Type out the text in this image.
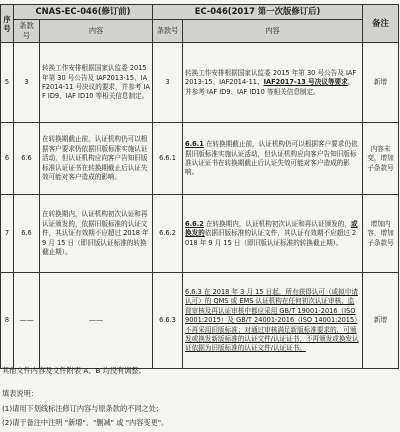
序号	CNAS-EC-046(修订前)		EC-046(2017 第一次版修订后)		备注
	条款号	内容	条款号	内容	
5	3	转换工作安排根据国家认监委 2015 年第 30 号公告及 IAF2013-15、IAF2014-11 号决议的要求，并参考 IAF ID9、IAF ID10 等相关信息制定。	3	转换工作安排根据国家认监委 2015 年第 30 号公告及 IAF2013-15、IAF2014-11、IAF2017-13 号决议等要求，并参考 IAF ID9、IAF ID10 等相关信息制定。	新增
6	6.6	在转换期截止前，认证机构仍可以根据客户要求仍依据旧版标准实施认证活动，但认证机构应向客户告知旧版标准认证证书在转换期截止后认证失效可能对客户造成的影响。	6.6.1	6.6.1 在转换期截止前，认证机构仍可以根据客户要求仍依据旧版标准实施认证活动，但认证机构应向客户告知旧版标准认证证书在转换期截止后认证失效可能对客户造成的影响。	内容未变，增加子条款号
7	6.6	在转换期内，认证机构初次认证和再认证颁发的，依据旧版标准的认证文件，其认证有效期不应超过 2018 年 9 月 15 日（即旧版认证标准的转换截止期）。	6.6.2	6.6.2 在转换期内，认证机构初次认证和再认证颁发的，或换发的依据旧版标准的认证文件，其认证有效期不应超过 2018 年 9 月 15 日（即旧版认证标准的转换截止期）。	增加内容，增加子条款号
8	——	——	6.6.3	6.6.3 在 2018 年 3 月 15 日起，所有获得认可（或拟申请认可）的 QMS 或 EMS 认证机构在任何初次认证审核、监督审核及再认证审核中都应采用 GB/T 19001-2016（ISO 9001:2015）及 GB/T 24001-2016（ISO 14001:2015）不再采用旧版标准；对通过审核满足新版标准要求的，可颁发或换发新版标准的认证文件/认证证书，不再颁发或换发认证依据为旧版标准的认证文件/认证证书。	新增
其他文件内容及文件附表 A、B 均没有调整。
填表说明：
(1)请用下划线标注修订内容与原条款的不同之处；
(2)请于备注中注明 "新增"、"删减" 或 "内容变更"。
